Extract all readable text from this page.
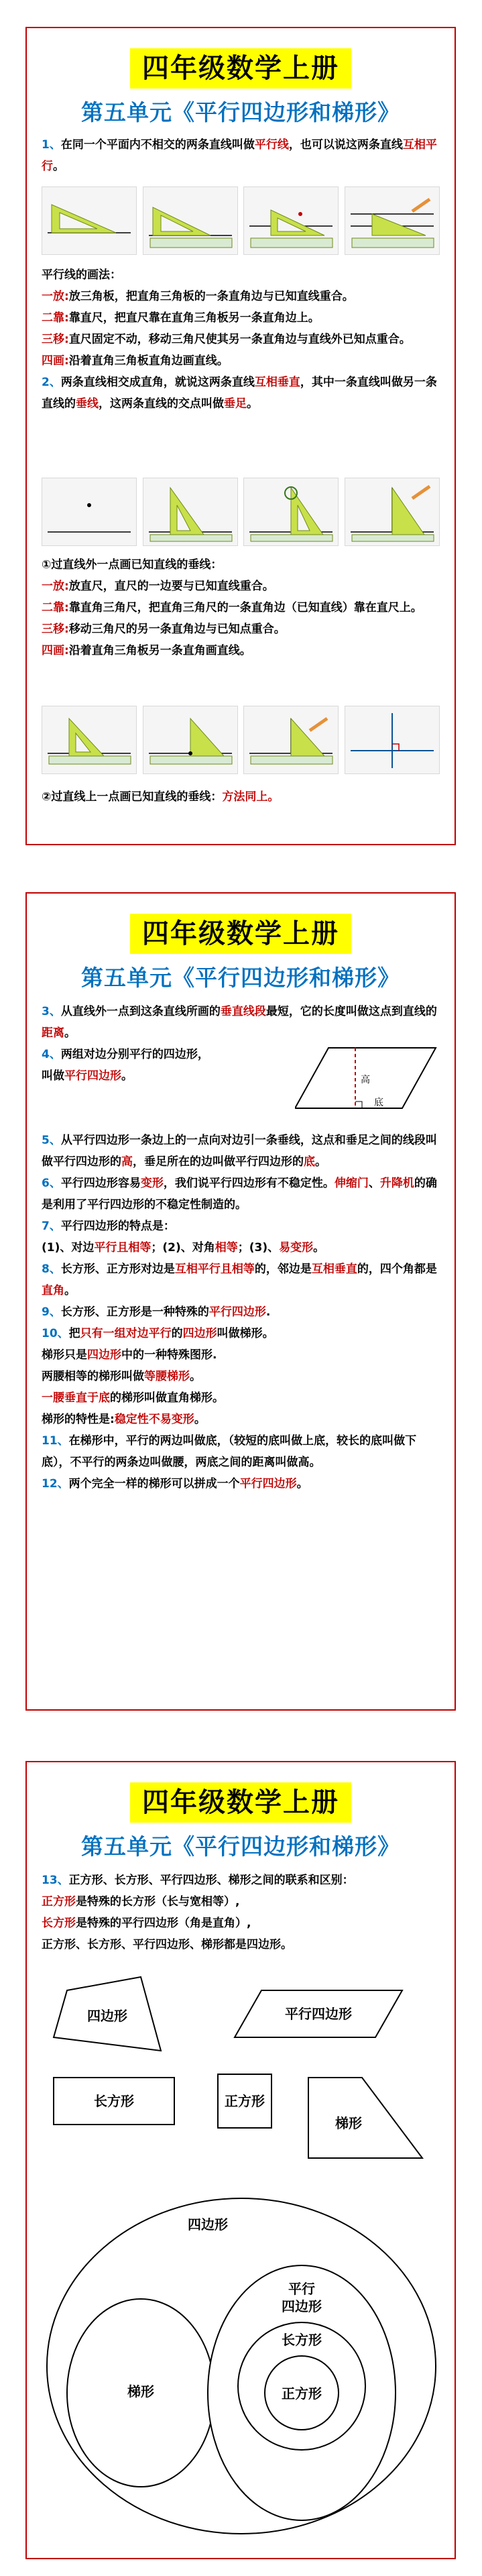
四年级数学上册
第五单元《平行四边形和梯形》

1、在同一个平面内不相交的两条直线叫做平行线，也可以说这两条直线互相平行。

平行线的画法：

一放:放三角板，把直角三角板的一条直角边与已知直线重合。

二靠:靠直尺，把直尺靠在直角三角板另一条直角边上。

三移:直尺固定不动，移动三角尺使其另一条直角边与直线外已知点重合。

四画:沿着直角三角板直角边画直线。

2、两条直线相交成直角，就说这两条直线互相垂直，其中一条直线叫做另一条直线的垂线，这两条直线的交点叫做垂足。

①过直线外一点画已知直线的垂线：

一放:放直尺，直尺的一边要与已知直线重合。

二靠:靠直角三角尺，把直角三角尺的一条直角边（已知直线）靠在直尺上。

三移:移动三角尺的另一条直角边与已知点重合。

四画:沿着直角三角板另一条直角画直线。

②过直线上一点画已知直线的垂线：方法同上。

四年级数学上册
第五单元《平行四边形和梯形》

3、从直线外一点到这条直线所画的垂直线段最短，它的长度叫做这点到直线的距离。

4、两组对边分别平行的四边形，

叫做平行四边形。	高
底

5、从平行四边形一条边上的一点向对边引一条垂线，这点和垂足之间的线段叫做平行四边形的高，垂足所在的边叫做平行四边形的底。

6、平行四边形容易变形，我们说平行四边形有不稳定性。伸缩门、升降机的确是利用了平行四边形的不稳定性制造的。

7、平行四边形的特点是：

(1)、对边平行且相等；(2)、对角相等；(3)、易变形。

8、长方形、正方形对边是互相平行且相等的，邻边是互相垂直的，四个角都是直角。

9、长方形、正方形是一种特殊的平行四边形.

10、把只有一组对边平行的四边形叫做梯形。

梯形只是四边形中的一种特殊图形.

两腰相等的梯形叫做等腰梯形。

一腰垂直于底的梯形叫做直角梯形。

梯形的特性是:稳定性不易变形。

11、在梯形中，平行的两边叫做底，（较短的底叫做上底，较长的底叫做下底），不平行的两条边叫做腰，两底之间的距离叫做高。

12、两个完全一样的梯形可以拼成一个平行四边形。

四年级数学上册
第五单元《平行四边形和梯形》

13、正方形、长方形、平行四边形、梯形之间的联系和区别：

正方形是特殊的长方形（长与宽相等）,

长方形是特殊的平行四边形（角是直角）,

正方形、长方形、平行四边形、梯形都是四边形。

四边形	平行四边形
长方形	正方形
梯形
四边形
梯形
平行
四边形
长方形
正方形
